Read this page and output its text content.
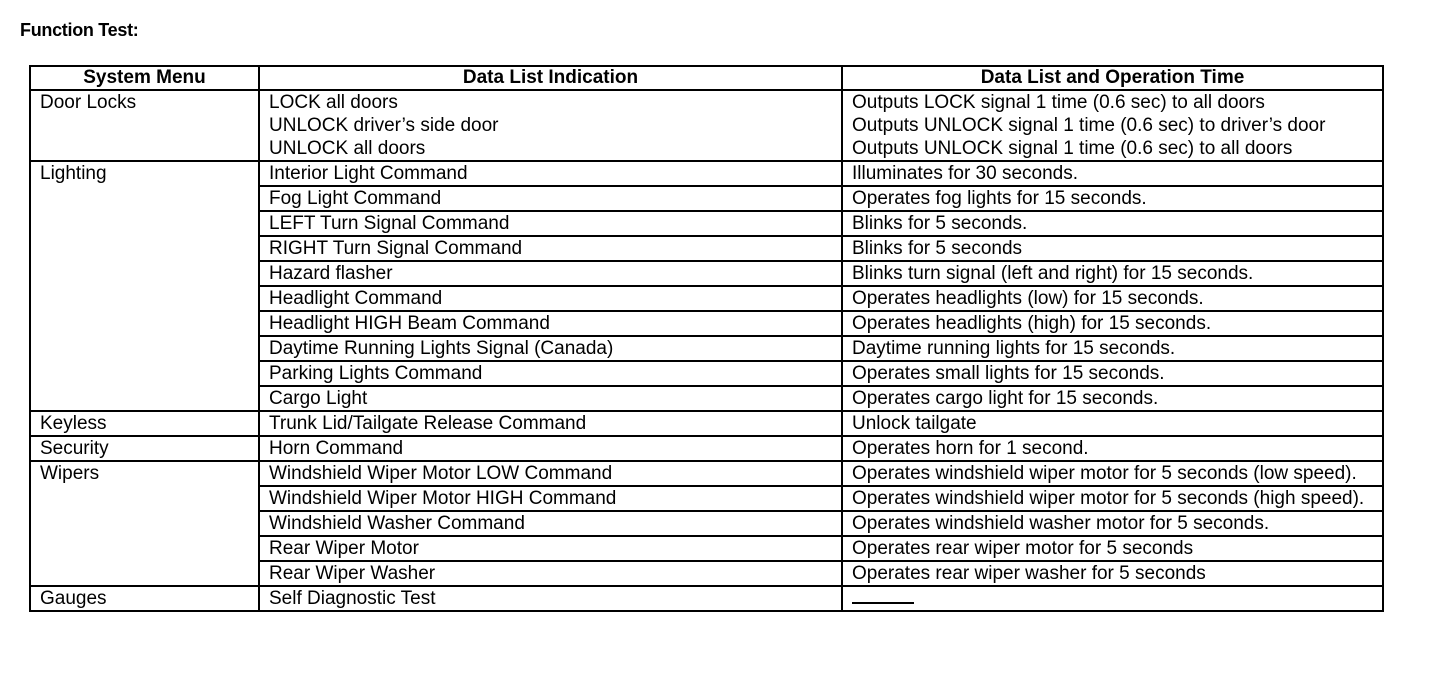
Function Test:
System Menu	Data List Indication	Data List and Operation Time
Door Locks	LOCK all doors	Outputs LOCK signal 1 time (0.6 sec) to all doors
	UNLOCK driver’s side door	Outputs UNLOCK signal 1 time (0.6 sec) to driver’s door
	UNLOCK all doors	Outputs UNLOCK signal 1 time (0.6 sec) to all doors
Lighting	Interior Light Command	Illuminates for 30 seconds.
	Fog Light Command	Operates fog lights for 15 seconds.
	LEFT Turn Signal Command	Blinks for 5 seconds.
	RIGHT Turn Signal Command	Blinks for 5 seconds
	Hazard flasher	Blinks turn signal (left and right) for 15 seconds.
	Headlight Command	Operates headlights (low) for 15 seconds.
	Headlight HIGH Beam Command	Operates headlights (high) for 15 seconds.
	Daytime Running Lights Signal (Canada)	Daytime running lights for 15 seconds.
	Parking Lights Command	Operates small lights for 15 seconds.
	Cargo Light	Operates cargo light for 15 seconds.
Keyless	Trunk Lid/Tailgate Release Command	Unlock tailgate
Security	Horn Command	Operates horn for 1 second.
Wipers	Windshield Wiper Motor LOW Command	Operates windshield wiper motor for 5 seconds (low speed).
	Windshield Wiper Motor HIGH Command	Operates windshield wiper motor for 5 seconds (high speed).
	Windshield Washer Command	Operates windshield washer motor for 5 seconds.
	Rear Wiper Motor	Operates rear wiper motor for 5 seconds
	Rear Wiper Washer	Operates rear wiper washer for 5 seconds
Gauges	Self Diagnostic Test	
